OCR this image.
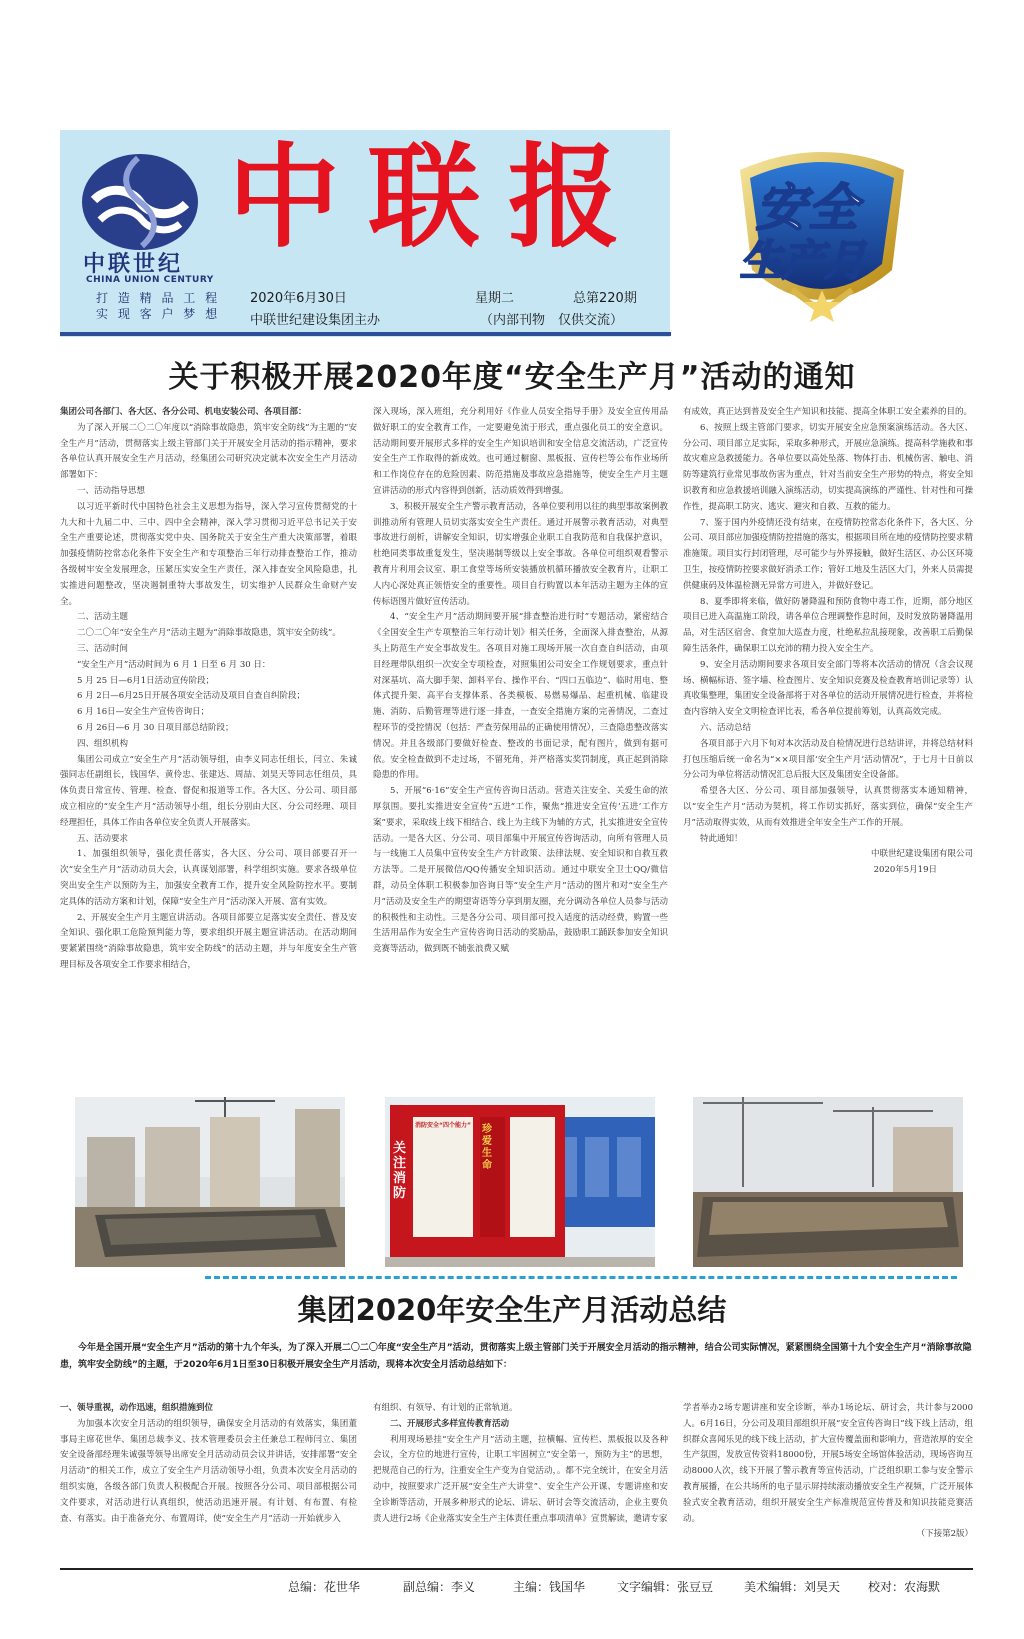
中联世纪
CHINA UNION CENTURY
打 造 精 品 工 程
实 现 客 户 梦 想
中联报
2020年6月30日	星期二	总第220期
中联世纪建设集团主办	（内部刊物　仅供交流）
安全
生产月
关于积极开展2020年度“安全生产月”活动的通知

集团公司各部门、各大区、各分公司、机电安装公司、各项目部：

为了深入开展二〇二〇年度以“消除事故隐患，筑牢安全防线”为主题的“安全生产月”活动，贯彻落实上级主管部门关于开展安全月活动的指示精神，要求各单位认真开展安全生产月活动，经集团公司研究决定就本次安全生产月活动部署如下：

一、活动指导思想

以习近平新时代中国特色社会主义思想为指导，深入学习宣传贯彻党的十九大和十九届二中、三中、四中全会精神，深入学习贯彻习近平总书记关于安全生产重要论述，贯彻落实党中央、国务院关于安全生产重大决策部署，着眼加强疫情防控常态化条件下安全生产和专项整治三年行动排查整治工作，推动各级树牢安全发展理念，压紧压实安全生产责任，深入排查安全风险隐患，扎实推进问题整改，坚决遏制重特大事故发生，切实维护人民群众生命财产安全。

二、活动主题

二〇二〇年“安全生产月”活动主题为“消除事故隐患，筑牢安全防线”。

三、活动时间

“安全生产月”活动时间为 6 月 1 日至 6 月 30 日：

5 月 25 日—6月1日活动宣传阶段；

6 月 2日—6月25日开展各项安全活动及项目自查自纠阶段；

6 月 16日—安全生产宣传咨询日；

6 月 26日—6 月 30 日项目部总结阶段；

四、组织机构

集团公司成立“安全生产月”活动领导组，由李义同志任组长，闫立、朱诚强同志任副组长，钱国华、黄伶忠、张建达、周喆、刘昊天等同志任组员，具体负责日常宣传、管理、检查、督促和报道等工作。各大区、分公司、项目部成立相应的“安全生产月”活动领导小组，组长分别由大区、分公司经理、项目经理担任，具体工作由各单位安全负责人开展落实。

五、活动要求

1、加强组织领导，强化责任落实，各大区、分公司、项目部要召开一次“安全生产月”活动动员大会，认真谋划部署，科学组织实施。要求各级单位突出安全生产以预防为主，加强安全教育工作，提升安全风险防控水平。要制定具体的活动方案和计划，保障“安全生产月”活动深入开展、富有实效。

2、开展安全生产月主题宣讲活动。各项目部要立足落实安全责任、普及安全知识、强化职工危险预判能力等，要求组织开展主题宣讲活动。在活动期间要紧紧围绕“消除事故隐患，筑牢安全防线”的活动主题，并与年度安全生产管理目标及各项安全工作要求相结合，

深入现场，深入班组，充分利用好《作业人员安全指导手册》及安全宣传用品做好职工的安全教育工作，一定要避免流于形式，重点强化员工的安全意识。活动期间要开展形式多样的安全生产知识培训和安全信息交流活动，广泛宣传安全生产工作取得的新成效。也可通过橱窗、黑板报、宣传栏等公布作业场所和工作岗位存在的危险因素、防范措施及事故应急措施等，使安全生产月主题宣讲活动的形式内容得到创新，活动质效得到增强。

3、积极开展安全生产警示教育活动，各单位要利用以往的典型事故案例教训推动所有管理人员切实落实安全生产责任。通过开展警示教育活动，对典型事故进行剖析，讲解安全知识，切实增强企业职工自我防范和自我保护意识，杜绝同类事故重复发生，坚决遏制等级以上安全事故。各单位可组织观看警示教育片利用会议室、职工食堂等场所安装播放机循环播放安全教育片，让职工人内心深处真正领悟安全的重要性。项目自行购置以本年活动主题为主体的宣传标语图片做好宣传活动。

4、“安全生产月”活动期间要开展“排查整治进行时”专题活动，紧密结合《全国安全生产专项整治三年行动计划》相关任务，全面深入排查整治，从源头上防范生产安全事故发生。各项目对施工现场开展一次自查自纠活动，由项目经理带队组织一次安全专项检查，对照集团公司安全工作规划要求，重点针对深基坑、高大脚手架、卸料平台、操作平台、“四口五临边”、临时用电、整体式提升架、高平台支撑体系、各类模板、易燃易爆品、起重机械、临建设施、消防、后勤管理等进行逐一排查，一查安全措施方案的完善情况，二查过程环节的受控情况（包括：严查劳保用品的正确使用情况），三查隐患整改落实情况。并且各级部门要做好检查、整改的书面记录，配有图片，做到有据可依。安全检查做到不走过场，不留死角，并严格落实奖罚制度，真正起到消除隐患的作用。

5、开展“6·16”安全生产宣传咨询日活动。营造关注安全、关爱生命的浓厚氛围。要扎实推进安全宣传“五进”工作，聚焦“推进安全宣传‘五进’工作方案”要求，采取线上线下相结合、线上为主线下为辅的方式，扎实推进安全宣传活动。一是各大区、分公司、项目部集中开展宣传咨询活动，向所有管理人员与一线施工人员集中宣传安全生产方针政策、法律法规、安全知识和自救互救方法等。二是开展微信/QQ传播安全知识活动。通过中联安全卫士QQ/微信群，动员全体职工积极参加咨询日等“安全生产月”活动的图片和对“安全生产月”活动及安全生产的期望寄语等分享到朋友圈，充分调动各单位人员参与活动的积极性和主动性。三是各分公司、项目部可投入适度的活动经费，购置一些生活用品作为安全生产宣传咨询日活动的奖励品，鼓励职工踊跃参加安全知识竞赛等活动，做到既不铺张浪费又赋

有成效，真正达到普及安全生产知识和技能、提高全体职工安全素养的目的。

6、按照上级主管部门要求，切实开展安全应急预案演练活动。各大区、分公司、项目部立足实际，采取多种形式，开展应急演练。提高科学施救和事故灾难应急救援能力。各单位要以高处坠落、物体打击、机械伤害、触电、消防等建筑行业常见事故伤害为重点，针对当前安全生产形势的特点，将安全知识教育和应急救援培训融入演练活动，切实提高演练的严谨性、针对性和可操作性，提高职工防灾、逃灾、避灾和自救、互救的能力。

7、鉴于国内外疫情还没有结束，在疫情防控常态化条件下，各大区、分公司、项目部应加强疫情防控措施的落实，根据项目所在地的疫情防控要求精准施策。项目实行封闭管理，尽可能少与外界接触，做好生活区、办公区环境卫生，按疫情防控要求做好消杀工作；管好工地及生活区大门，外来人员需提供健康码及体温检测无异常方可进入，并做好登记。

8、夏季即将来临，做好防暑降温和预防食物中毒工作，近期，部分地区项目已进入高温施工阶段，请各单位合理调整作息时间，及时发放防暑降温用品，对生活区宿舍、食堂加大巡查力度，杜绝私拉乱接现象，改善职工后勤保障生活条件，确保职工以充沛的精力投入安全生产。

9、安全月活动期间要求各项目安全部门等将本次活动的情况（含会议现场、横幅标语、签字墙、检查图片、安全知识竞赛及检查教育培训记录等）认真收集整理，集团安全设备部将于对各单位的活动开展情况进行检查，并将检查内容纳入安全文明检查评比表，希各单位提前筹划，认真高效完成。

六、活动总结

各项目部于六月下旬对本次活动及自检情况进行总结讲评，并将总结材料打包压缩后统一命名为“××项目部‘安全生产月’活动情况”，于七月十日前以分公司为单位将活动情况汇总后报大区及集团安全设备部。

希望各大区、分公司、项目部加强领导，认真贯彻落实本通知精神，以“安全生产月”活动为契机，将工作切实抓好，落实到位，确保“安全生产月”活动取得实效，从而有效推进全年安全生产工作的开展。

特此通知！

中联世纪建设集团有限公司

2020年5月19日

关注 消防
消防安全“四个能力” 珍爱生命
集团2020年安全生产月活动总结
今年是全国开展“安全生产月”活动的第十九个年头，为了深入开展二〇二〇年度“安全生产月”活动，贯彻落实上级主管部门关于开展安全月活动的指示精神，结合公司实际情况，紧紧围绕全国第十九个安全生产月“消除事故隐患，筑牢安全防线”的主题，于2020年6月1日至30日积极开展安全生产月活动，现将本次安全月活动总结如下：

一、领导重视，动作迅速，组织措施到位

为加强本次安全月活动的组织领导，确保安全月活动的有效落实，集团董事局主席花世华、集团总裁李义、技术管理委员会主任兼总工程师闫立、集团安全设备部经理朱诚强等领导出席安全月活动动员会议并讲话，安排部署“安全月活动”的相关工作，成立了安全生产月活动领导小组，负责本次安全月活动的组织实施，各级各部门负责人积极配合开展。按照各分公司、项目部根据公司文件要求，对活动进行认真组织，使活动迅速开展。有计划、有布置、有检查、有落实。由于准备充分、布置周详，使“安全生产月”活动一开始就步入

有组织、有领导、有计划的正常轨道。

二、开展形式多样宣传教育活动

利用现场悬挂“安全生产月”活动主题，拉横幅、宣传栏、黑板报以及各种会议，全方位的地进行宣传，让职工牢固树立“安全第一，预防为主”的思想，把规范自己的行为，注重安全生产变为自觉活动，。都不完全统计，在安全月活动中，按照要求广泛开展“安全生产大讲堂”、安全生产公开课、专题讲座和安全诊断等活动，开展多种形式的论坛、讲坛、研讨会等交流活动，企业主要负责人进行2场《企业落实安全生产主体责任重点事项清单》宣贯解读，邀请专家

学者举办2场专题讲座和安全诊断，举办1场论坛、研讨会，共计参与2000人。6月16日，分公司及项目部组织开展“安全宣传咨询日”线下线上活动，组织群众喜闻乐见的线下线上活动，扩大宣传覆盖面和影响力，营造浓厚的安全生产氛围，发放宣传资料18000份，开展5场安全场馆体验活动，现场咨询互动8000人次，线下开展了警示教育等宣传活动，广泛组织职工参与安全警示教育展播，在公共场所的电子显示屏持续滚动播放安全生产视频，广泛开展体验式安全教育活动，组织开展安全生产标准规范宣传普及和知识技能竞赛活动。

（下接第2版）

总编：花世华	副总编：李义	主编：钱国华	文字编辑：张豆豆	美术编辑：刘昊天 校对：农海默
